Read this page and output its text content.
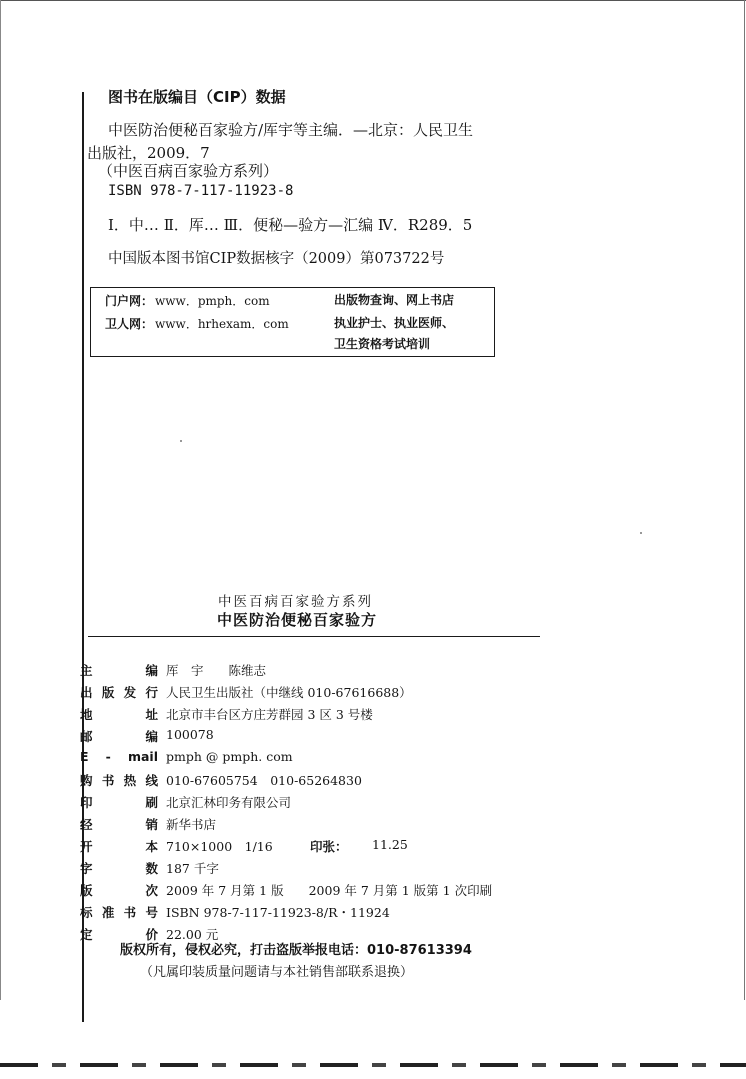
图书在版编目（CIP）数据
中医防治便秘百家验方/厍宇等主编．—北京：人民卫生
出版社，2009．7
（中医百病百家验方系列）
ISBN 978-7-117-11923-8
Ⅰ．中… Ⅱ．厍… Ⅲ．便秘—验方—汇编 Ⅳ．R289．5
中国版本图书馆CIP数据核字（2009）第073722号
门户网： www．pmph．com
卫人网： www．hrhexam．com
出版物查询、网上书店
执业护士、执业医师、
卫生资格考试培训
中医百病百家验方系列
中医防治便秘百家验方
主　编 厍　宇　　陈维志
出版发行 人民卫生出版社（中继线 010-67616688）
地　址 北京市丰台区方庄芳群园 3 区 3 号楼
邮　编 100078
E - mail pmph @ pmph. com
购书热线 010-67605754　010-65264830
印　刷 北京汇林印务有限公司
经　销 新华书店
开　本 710×1000　1/16	印张： 11.25
字　数 187 千字
版　次 2009 年 7 月第 1 版　　2009 年 7 月第 1 版第 1 次印刷
标准书号 ISBN 978-7-117-11923-8/R・11924
定　价 22.00 元
版权所有，侵权必究，打击盗版举报电话：010-87613394
（凡属印装质量问题请与本社销售部联系退换）
